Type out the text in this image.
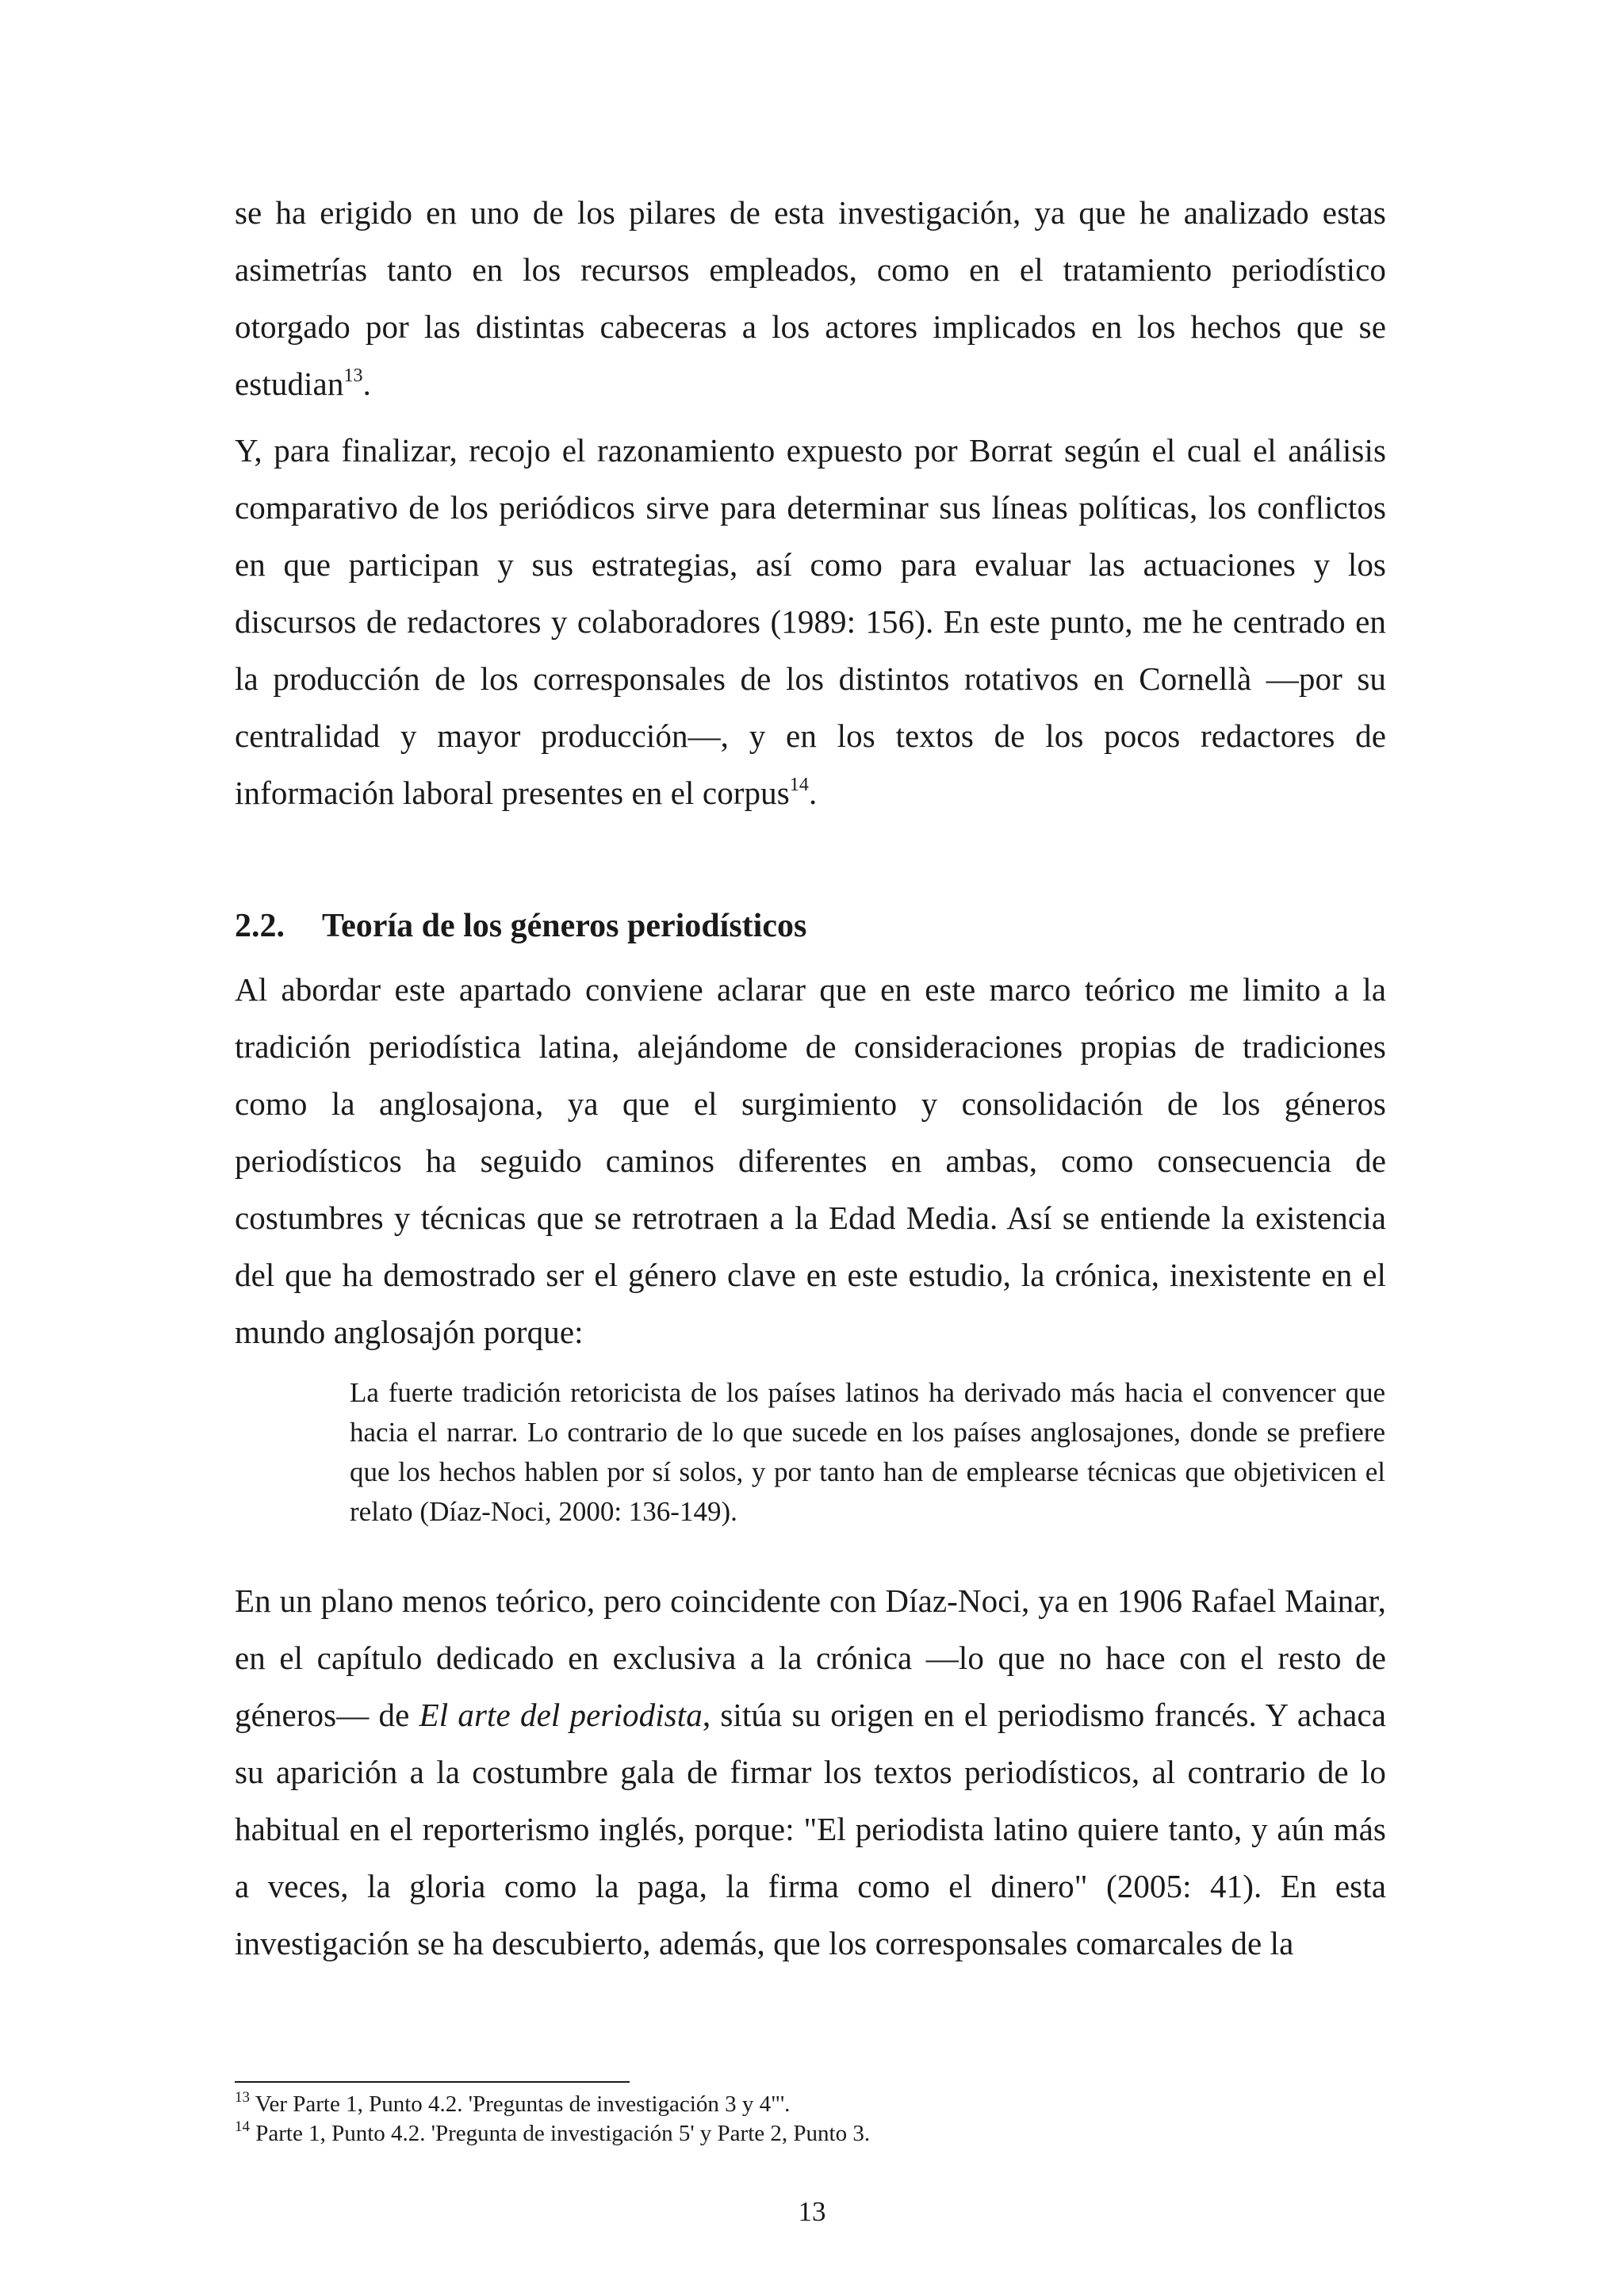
se ha erigido en uno de los pilares de esta investigación, ya que he analizado estas asimetrías tanto en los recursos empleados, como en el tratamiento periodístico otorgado por las distintas cabeceras a los actores implicados en los hechos que se estudian$^{13}$.

Y, para finalizar, recojo el razonamiento expuesto por Borrat según el cual el análisis comparativo de los periódicos sirve para determinar sus líneas políticas, los conflictos en que participan y sus estrategias, así como para evaluar las actuaciones y los discursos de redactores y colaboradores (1989: 156). En este punto, me he centrado en la producción de los corresponsales de los distintos rotativos en Cornellà —por su centralidad y mayor producción—, y en los textos de los pocos redactores de información laboral presentes en el corpus$^{14}$.

2.2. Teoría de los géneros periodísticos

Al abordar este apartado conviene aclarar que en este marco teórico me limito a la tradición periodística latina, alejándome de consideraciones propias de tradiciones como la anglosajona, ya que el surgimiento y consolidación de los géneros periodísticos ha seguido caminos diferentes en ambas, como consecuencia de costumbres y técnicas que se retrotraen a la Edad Media. Así se entiende la existencia del que ha demostrado ser el género clave en este estudio, la crónica, inexistente en el mundo anglosajón porque:

La fuerte tradición retoricista de los países latinos ha derivado más hacia el convencer que hacia el narrar. Lo contrario de lo que sucede en los países anglosajones, donde se prefiere que los hechos hablen por sí solos, y por tanto han de emplearse técnicas que objetivicen el relato (Díaz-Noci, 2000: 136-149).

En un plano menos teórico, pero coincidente con Díaz-Noci, ya en 1906 Rafael Mainar, en el capítulo dedicado en exclusiva a la crónica —lo que no hace con el resto de géneros— de El arte del periodista, sitúa su origen en el periodismo francés. Y achaca su aparición a la costumbre gala de firmar los textos periodísticos, al contrario de lo habitual en el reporterismo inglés, porque: "El periodista latino quiere tanto, y aún más a veces, la gloria como la paga, la firma como el dinero" (2005: 41). En esta investigación se ha descubierto, además, que los corresponsales comarcales de la

$^{13}$ Ver Parte 1, Punto 4.2. 'Preguntas de investigación 3 y 4"'.

$^{14}$ Parte 1, Punto 4.2. 'Pregunta de investigación 5' y Parte 2, Punto 3.

13
